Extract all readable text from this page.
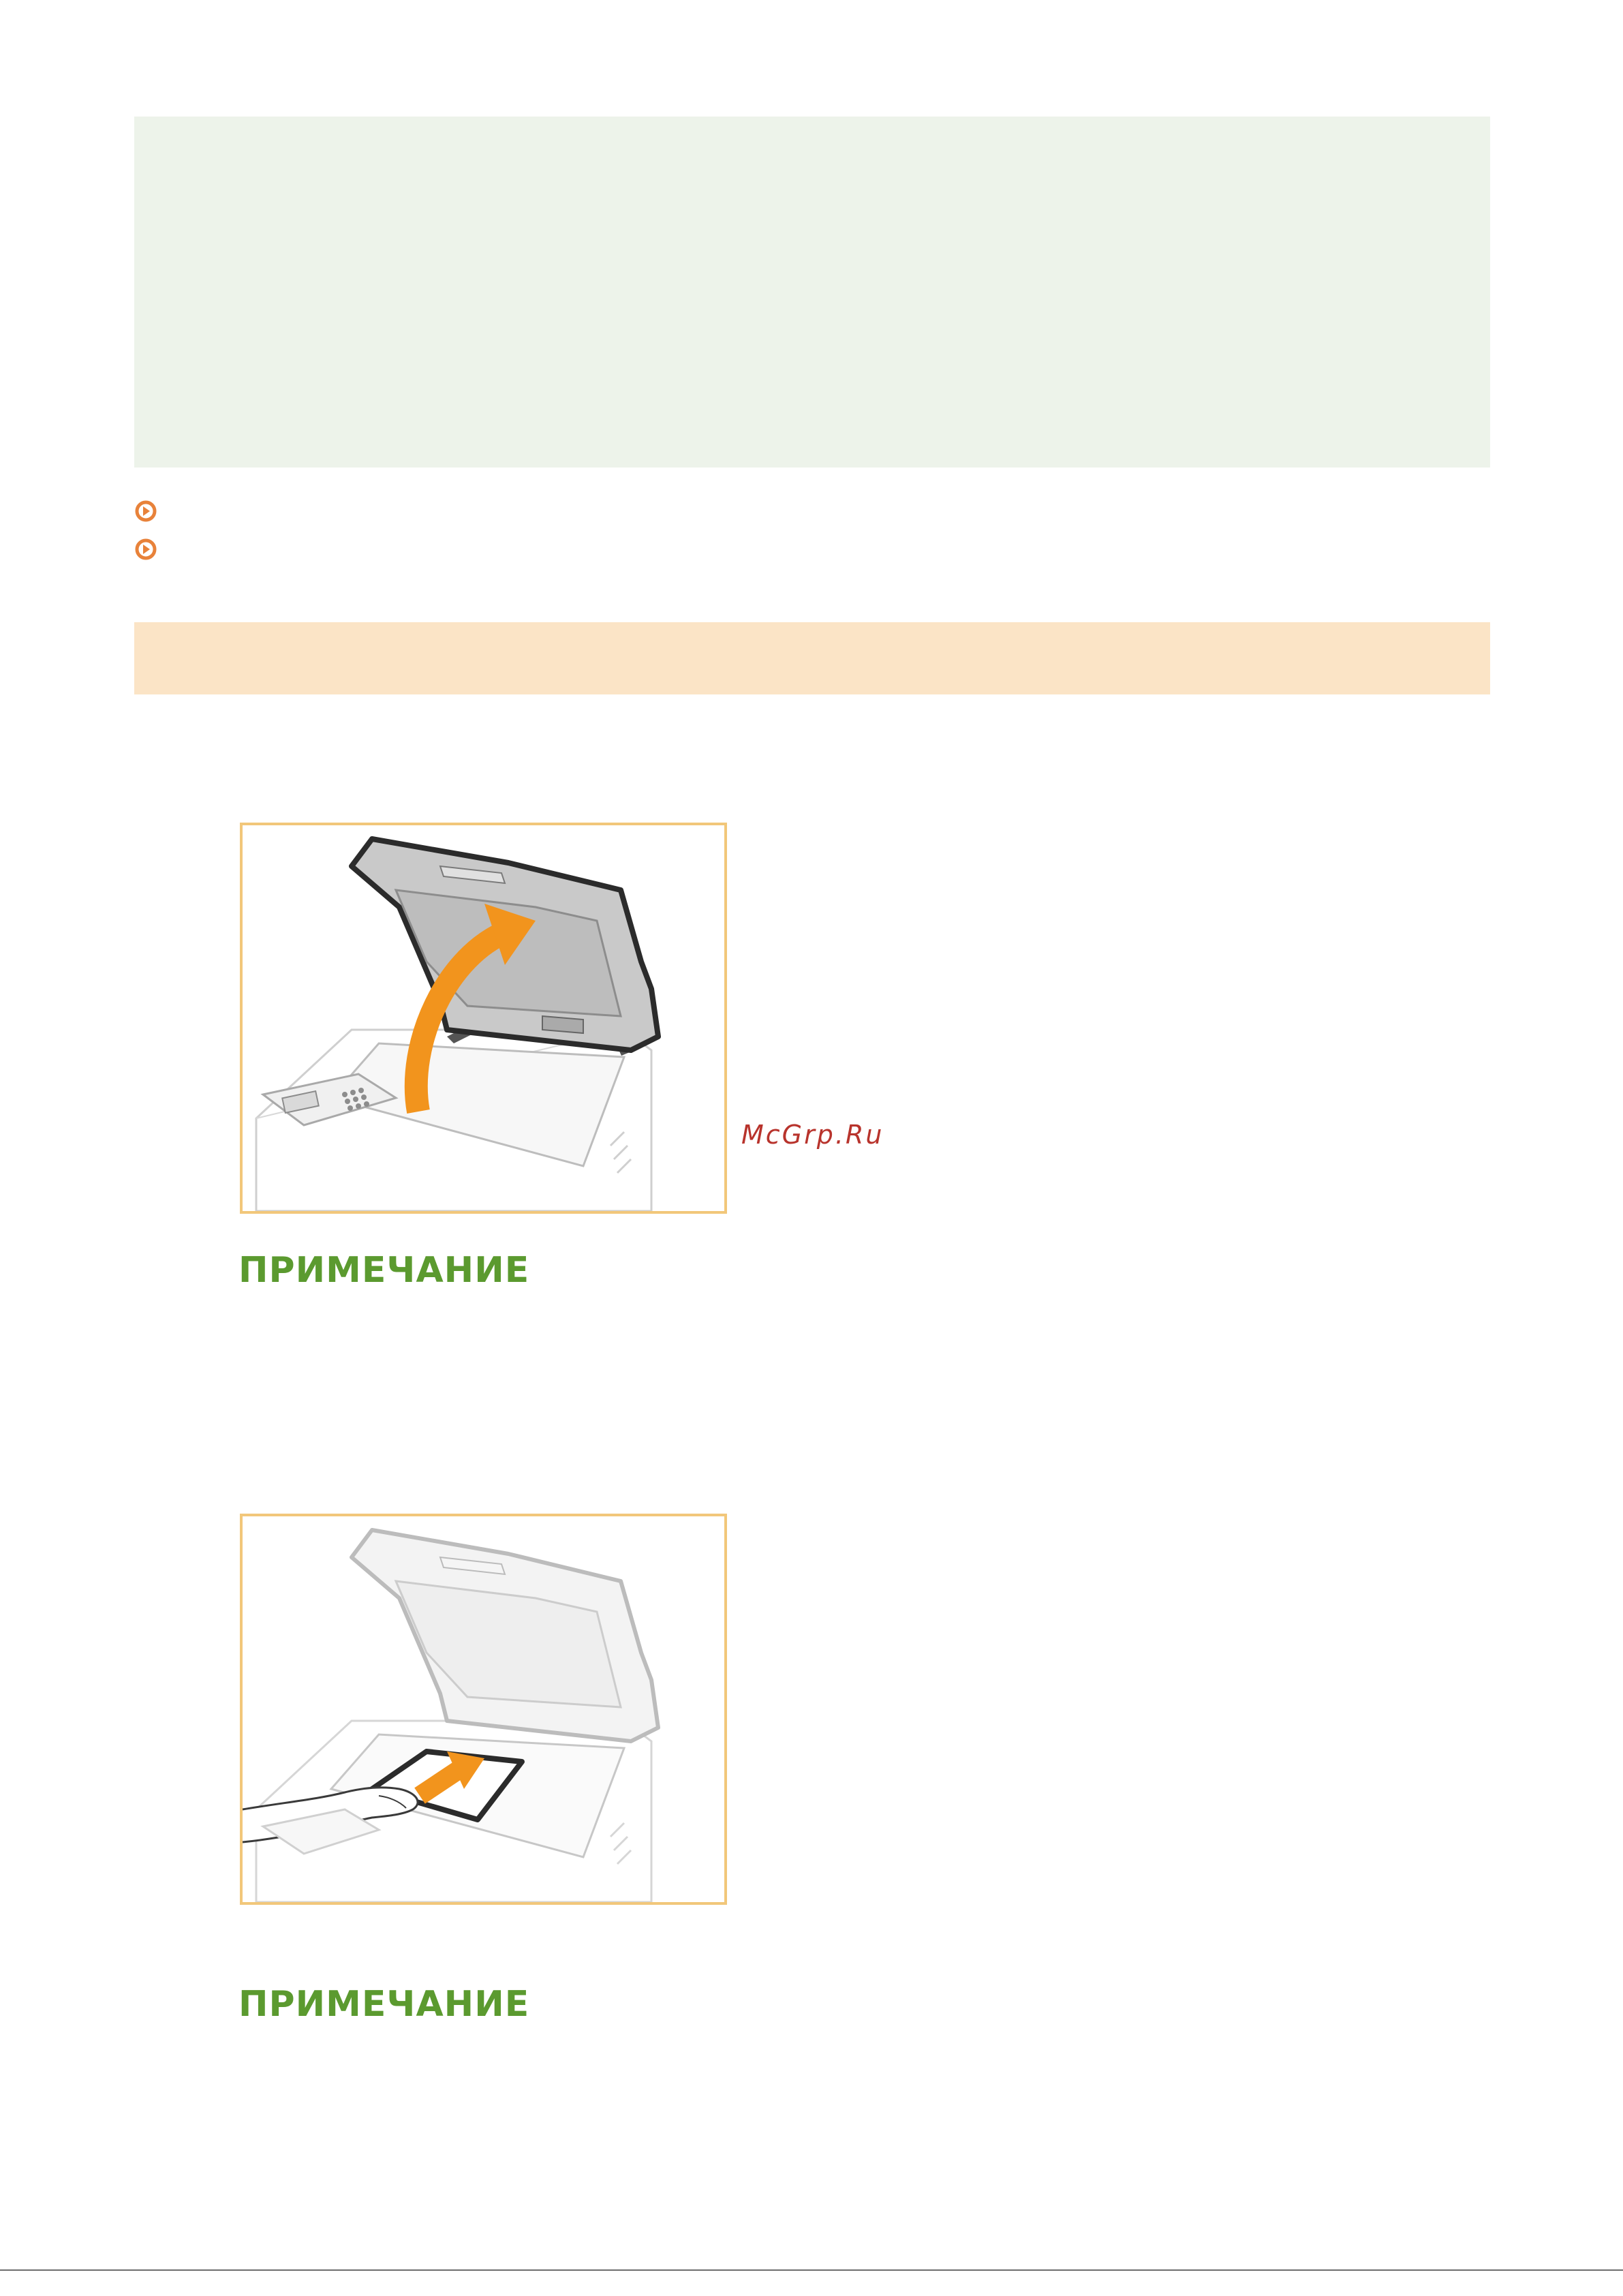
McGrp.Ru
ПРИМЕЧАНИЕ
ПРИМЕЧАНИЕ
